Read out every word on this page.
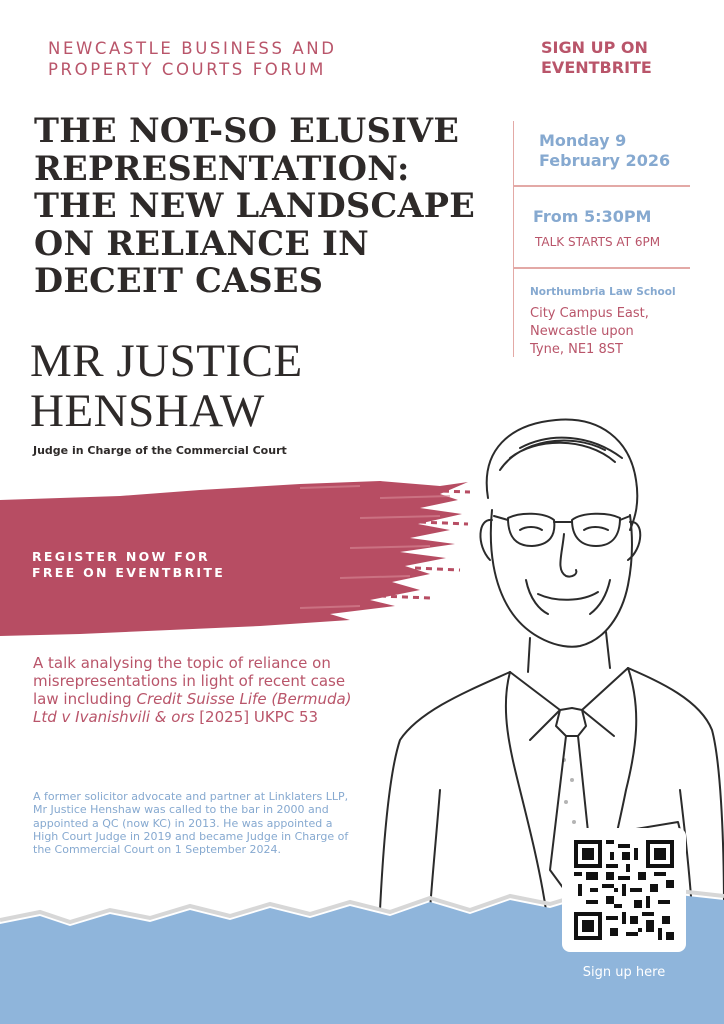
NEWCASTLE BUSINESS AND
PROPERTY COURTS FORUM
SIGN UP ON
EVENTBRITE
THE NOT-SO ELUSIVE
REPRESENTATION:
THE NEW LANDSCAPE
ON RELIANCE IN
DECEIT CASES
MR JUSTICE
HENSHAW
Judge in Charge of the Commercial Court
Monday 9
February 2026
From 5:30PM
TALK STARTS AT 6PM
Northumbria Law School
City Campus East,
Newcastle upon
Tyne, NE1 8ST
REGISTER NOW FOR
FREE ON EVENTBRITE
A talk analysing the topic of reliance on misrepresentations in light of recent case law including Credit Suisse Life (Bermuda) Ltd v Ivanishvili & ors [2025] UKPC 53
A former solicitor advocate and partner at Linklaters LLP, Mr Justice Henshaw was called to the bar in 2000 and appointed a QC (now KC) in 2013. He was appointed a High Court Judge in 2019 and became Judge in Charge of the Commercial Court on 1 September 2024.
Sign up here
